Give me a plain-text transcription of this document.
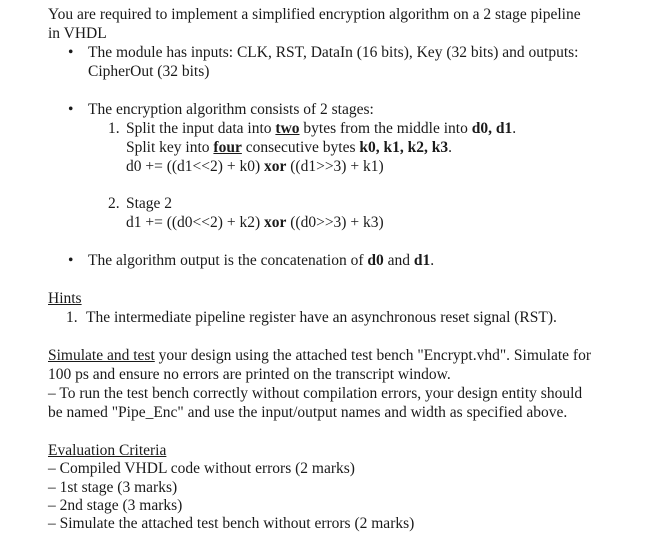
You are required to implement a simplified encryption algorithm on a 2 stage pipeline
in VHDL
• The module has inputs: CLK, RST, DataIn (16 bits), Key (32 bits) and outputs:
CipherOut (32 bits)
• The encryption algorithm consists of 2 stages:
1. Split the input data into two bytes from the middle into d0, d1.
Split key into four consecutive bytes k0, k1, k2, k3.
d0 += ((d1<<2) + k0) xor ((d1>>3) + k1)
2. Stage 2
d1 += ((d0<<2) + k2) xor ((d0>>3) + k3)
• The algorithm output is the concatenation of d0 and d1.
Hints
1. The intermediate pipeline register have an asynchronous reset signal (RST).
Simulate and test your design using the attached test bench "Encrypt.vhd". Simulate for
100 ps and ensure no errors are printed on the transcript window.
– To run the test bench correctly without compilation errors, your design entity should
be named "Pipe_Enc" and use the input/output names and width as specified above.
Evaluation Criteria
– Compiled VHDL code without errors (2 marks)
– 1st stage (3 marks)
– 2nd stage (3 marks)
– Simulate the attached test bench without errors (2 marks)
